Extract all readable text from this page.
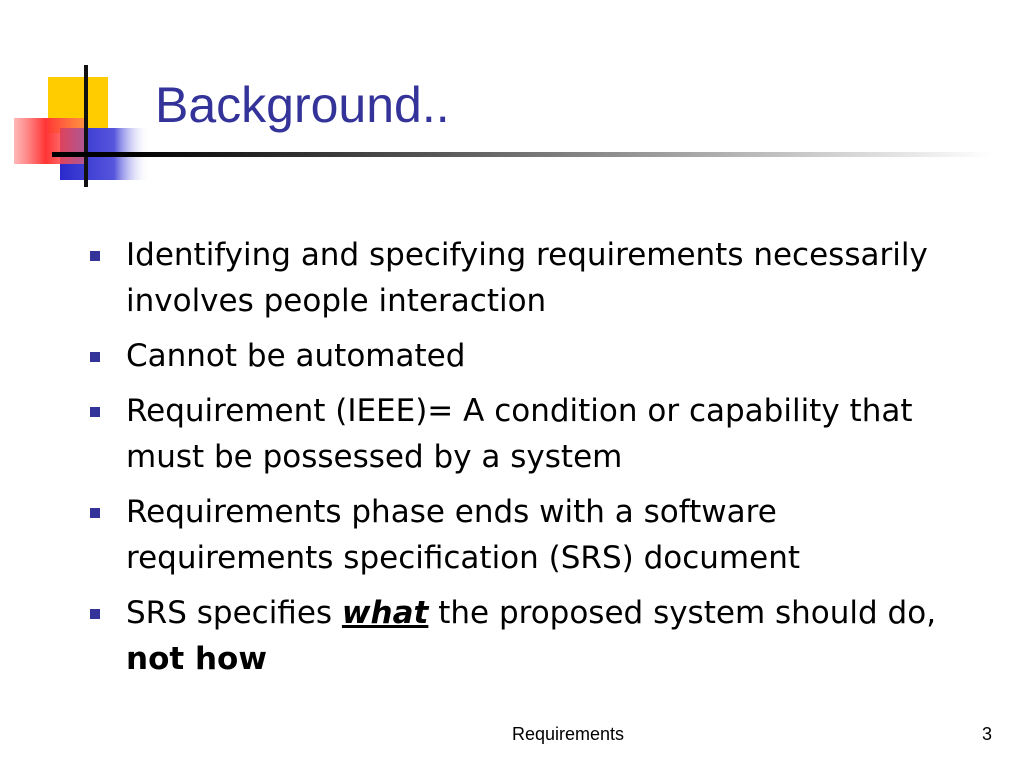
Background..
Identifying and specifying requirements necessarily involves people interaction
Cannot be automated
Requirement (IEEE)= A condition or capability that must be possessed by a system
Requirements phase ends with a software requirements specification (SRS) document
SRS specifies what the proposed system should do, not how
Requirements	3
